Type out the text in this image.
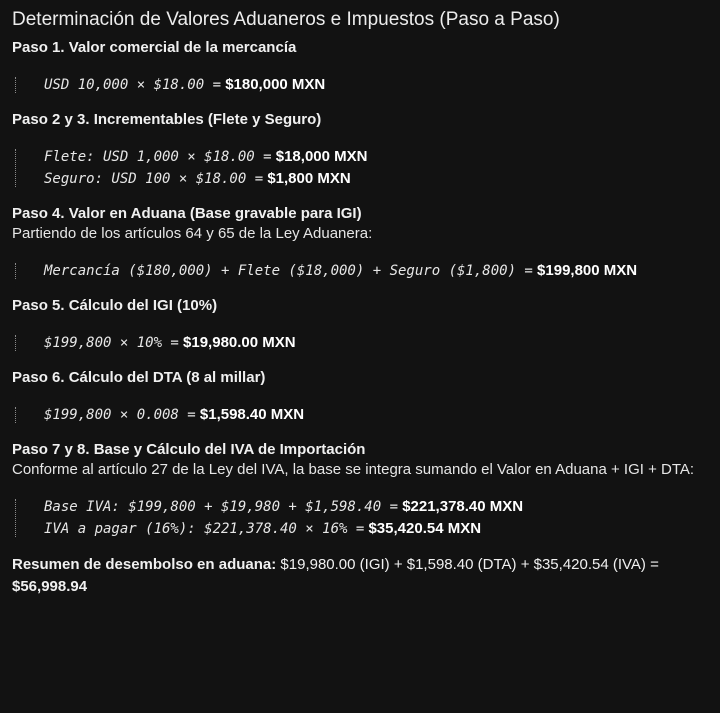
Determinación de Valores Aduaneros e Impuestos (Paso a Paso)
Paso 1. Valor comercial de la mercancía
USD 10,000 × $18.00 = $180,000 MXN
Paso 2 y 3. Incrementables (Flete y Seguro)
Flete: USD 1,000 × $18.00 = $18,000 MXN
Seguro: USD 100 × $18.00 = $1,800 MXN
Paso 4. Valor en Aduana (Base gravable para IGI)
Partiendo de los artículos 64 y 65 de la Ley Aduanera:
Mercancía ($180,000) + Flete ($18,000) + Seguro ($1,800) = $199,800 MXN
Paso 5. Cálculo del IGI (10%)
$199,800 × 10% = $19,980.00 MXN
Paso 6. Cálculo del DTA (8 al millar)
$199,800 × 0.008 = $1,598.40 MXN
Paso 7 y 8. Base y Cálculo del IVA de Importación
Conforme al artículo 27 de la Ley del IVA, la base se integra sumando el Valor en Aduana + IGI + DTA:
Base IVA: $199,800 + $19,980 + $1,598.40 = $221,378.40 MXN
IVA a pagar (16%): $221,378.40 × 16% = $35,420.54 MXN
Resumen de desembolso en aduana: $19,980.00 (IGI) + $1,598.40 (DTA) + $35,420.54 (IVA) = $56,998.94
